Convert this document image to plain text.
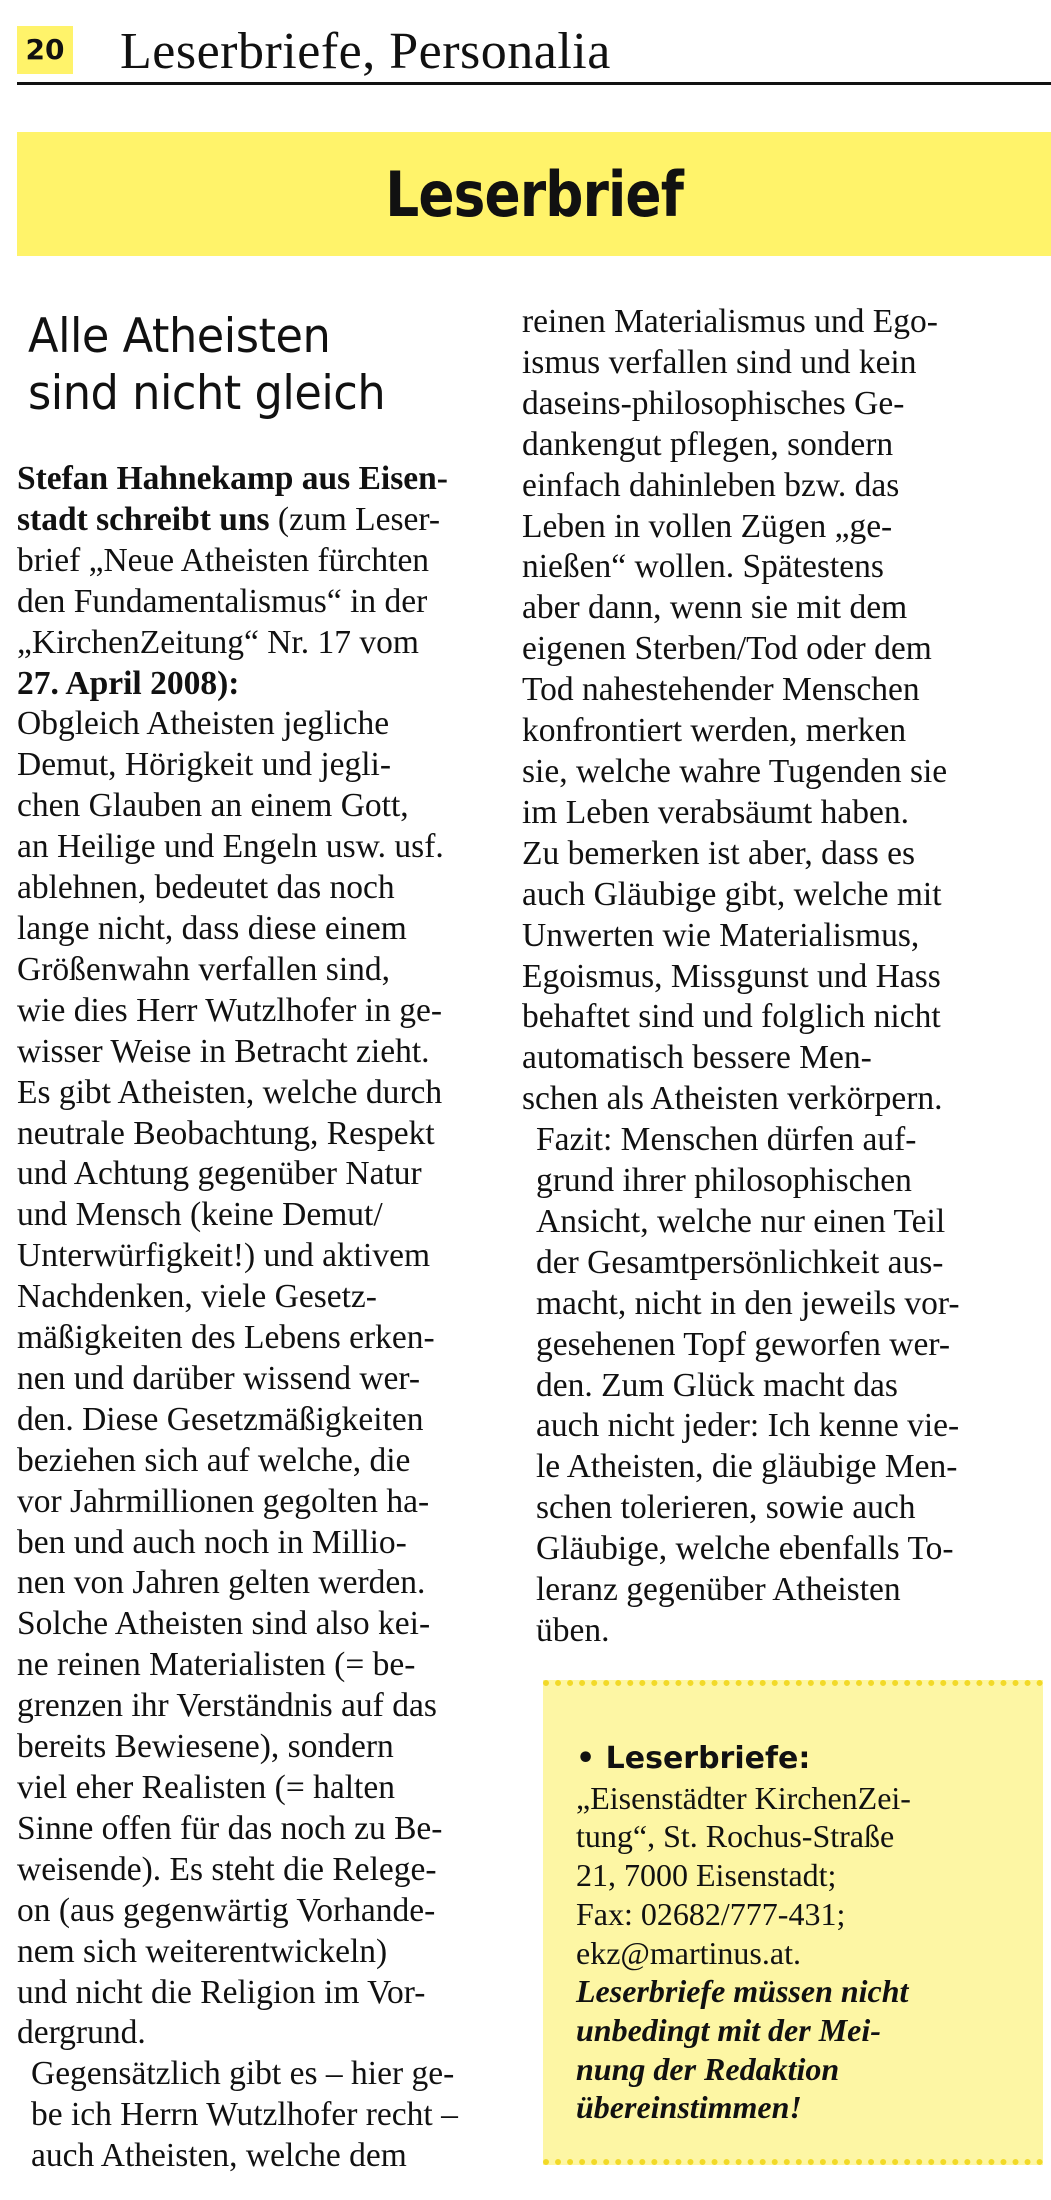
20 Leserbriefe, Personalia
Leserbrief
Alle Atheisten
sind nicht gleich
Stefan Hahnekamp aus Eisen-
stadt schreibt uns (zum Leser-
brief „Neue Atheisten fürchten
den Fundamentalismus“ in der
„KirchenZeitung“ Nr. 17 vom
27. April 2008):
Obgleich Atheisten jegliche
Demut, Hörigkeit und jegli-
chen Glauben an einem Gott,
an Heilige und Engeln usw. usf.
ablehnen, bedeutet das noch
lange nicht, dass diese einem
Größenwahn verfallen sind,
wie dies Herr Wutzlhofer in ge-
wisser Weise in Betracht zieht.
Es gibt Atheisten, welche durch
neutrale Beobachtung, Respekt
und Achtung gegenüber Natur
und Mensch (keine Demut/
Unterwürfigkeit!) und aktivem
Nachdenken, viele Gesetz-
mäßigkeiten des Lebens erken-
nen und darüber wissend wer-
den. Diese Gesetzmäßigkeiten
beziehen sich auf welche, die
vor Jahrmillionen gegolten ha-
ben und auch noch in Millio-
nen von Jahren gelten werden.
Solche Atheisten sind also kei-
ne reinen Materialisten (= be-
grenzen ihr Verständnis auf das
bereits Bewiesene), sondern
viel eher Realisten (= halten
Sinne offen für das noch zu Be-
weisende). Es steht die Relege-
on (aus gegenwärtig Vorhande-
nem sich weiterentwickeln)
und nicht die Religion im Vor-
dergrund.
Gegensätzlich gibt es – hier ge-
be ich Herrn Wutzlhofer recht –
auch Atheisten, welche dem
reinen Materialismus und Ego-
ismus verfallen sind und kein
daseins-philosophisches Ge-
dankengut pflegen, sondern
einfach dahinleben bzw. das
Leben in vollen Zügen „ge-
nießen“ wollen. Spätestens
aber dann, wenn sie mit dem
eigenen Sterben/Tod oder dem
Tod nahestehender Menschen
konfrontiert werden, merken
sie, welche wahre Tugenden sie
im Leben verabsäumt haben.
Zu bemerken ist aber, dass es
auch Gläubige gibt, welche mit
Unwerten wie Materialismus,
Egoismus, Missgunst und Hass
behaftet sind und folglich nicht
automatisch bessere Men-
schen als Atheisten verkörpern.
Fazit: Menschen dürfen auf-
grund ihrer philosophischen
Ansicht, welche nur einen Teil
der Gesamtpersönlichkeit aus-
macht, nicht in den jeweils vor-
gesehenen Topf geworfen wer-
den. Zum Glück macht das
auch nicht jeder: Ich kenne vie-
le Atheisten, die gläubige Men-
schen tolerieren, sowie auch
Gläubige, welche ebenfalls To-
leranz gegenüber Atheisten
üben.
• Leserbriefe:
„Eisenstädter KirchenZei-
tung“, St. Rochus-Straße
21, 7000 Eisenstadt;
Fax: 02682/777-431;
ekz@martinus.at.
Leserbriefe müssen nicht
unbedingt mit der Mei-
nung der Redaktion
übereinstimmen!
